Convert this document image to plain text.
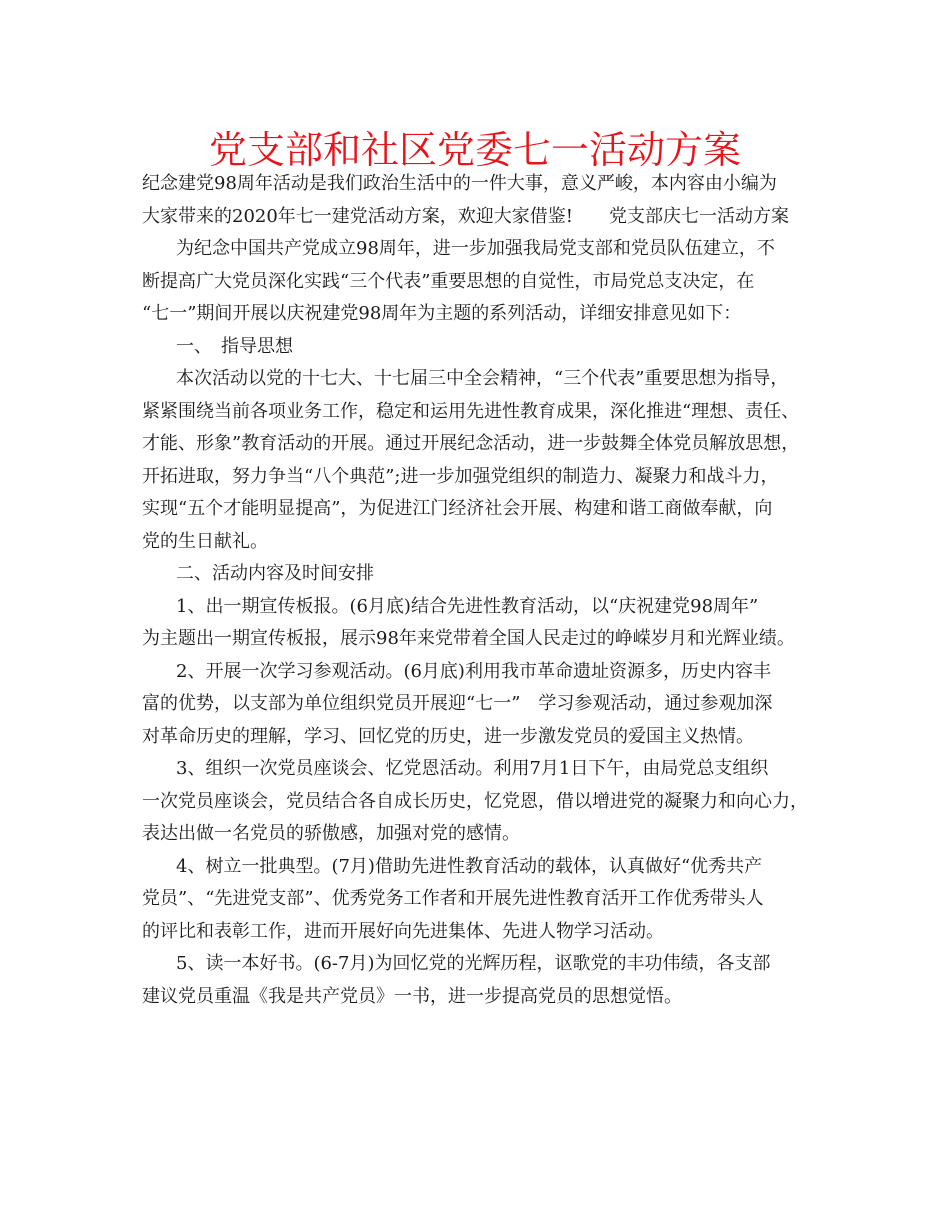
党支部和社区党委七一活动方案
纪念建党98周年活动是我们政治生活中的一件大事，意义严峻，本内容由小编为
大家带来的2020年七一建党活动方案，欢迎大家借鉴!　　党支部庆七一活动方案
为纪念中国共产党成立98周年，进一步加强我局党支部和党员队伍建立，不
断提高广大党员深化实践“三个代表”重要思想的自觉性，市局党总支决定，在
“七一”期间开展以庆祝建党98周年为主题的系列活动，详细安排意见如下：
一、　指导思想
本次活动以党的十七大、十七届三中全会精神，“三个代表”重要思想为指导，
紧紧围绕当前各项业务工作，稳定和运用先进性教育成果，深化推进“理想、责任、
才能、形象”教育活动的开展。通过开展纪念活动，进一步鼓舞全体党员解放思想，
开拓进取，努力争当“八个典范”;进一步加强党组织的制造力、凝聚力和战斗力，
实现“五个才能明显提高”，为促进江门经济社会开展、构建和谐工商做奉献，向
党的生日献礼。
二、活动内容及时间安排
1、出一期宣传板报。(6月底)结合先进性教育活动，以“庆祝建党98周年”
为主题出一期宣传板报，展示98年来党带着全国人民走过的峥嵘岁月和光辉业绩。
2、开展一次学习参观活动。(6月底)利用我市革命遗址资源多，历史内容丰
富的优势，以支部为单位组织党员开展迎“七一”　学习参观活动，通过参观加深
对革命历史的理解，学习、回忆党的历史，进一步激发党员的爱国主义热情。
3、组织一次党员座谈会、忆党恩活动。利用7月1日下午，由局党总支组织
一次党员座谈会，党员结合各自成长历史，忆党恩，借以增进党的凝聚力和向心力，
表达出做一名党员的骄傲感，加强对党的感情。
4、树立一批典型。(7月)借助先进性教育活动的载体，认真做好“优秀共产
党员”、“先进党支部”、优秀党务工作者和开展先进性教育活开工作优秀带头人
的评比和表彰工作，进而开展好向先进集体、先进人物学习活动。
5、读一本好书。(6-7月)为回忆党的光辉历程，讴歌党的丰功伟绩，各支部
建议党员重温《我是共产党员》一书，进一步提高党员的思想觉悟。
